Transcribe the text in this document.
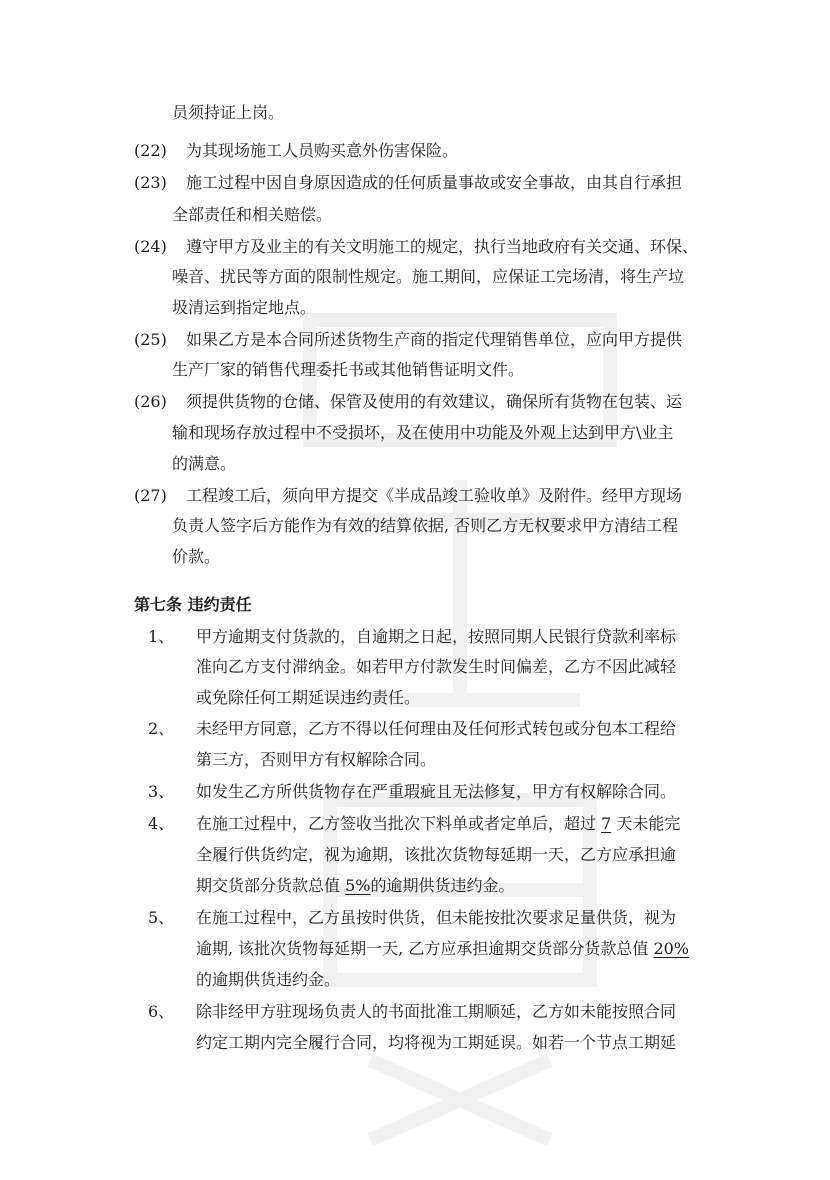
员须持证上岗。
(22) 为其现场施工人员购买意外伤害保险。
(23) 施工过程中因自身原因造成的任何质量事故或安全事故，由其自行承担
全部责任和相关赔偿。
(24) 遵守甲方及业主的有关文明施工的规定，执行当地政府有关交通、环保、
噪音、扰民等方面的限制性规定。施工期间，应保证工完场清，将生产垃
圾清运到指定地点。
(25) 如果乙方是本合同所述货物生产商的指定代理销售单位，应向甲方提供
生产厂家的销售代理委托书或其他销售证明文件。
(26) 须提供货物的仓储、保管及使用的有效建议，确保所有货物在包装、运
输和现场存放过程中不受损坏，及在使用中功能及外观上达到甲方\业主
的满意。
(27) 工程竣工后，须向甲方提交《半成品竣工验收单》及附件。经甲方现场
负责人签字后方能作为有效的结算依据, 否则乙方无权要求甲方清结工程
价款。
第七条 违约责任
1、 甲方逾期支付货款的，自逾期之日起，按照同期人民银行贷款利率标
准向乙方支付滞纳金。如若甲方付款发生时间偏差，乙方不因此减轻
或免除任何工期延误违约责任。
2、 未经甲方同意，乙方不得以任何理由及任何形式转包或分包本工程给
第三方，否则甲方有权解除合同。
3、 如发生乙方所供货物存在严重瑕疵且无法修复，甲方有权解除合同。
4、 在施工过程中，乙方签收当批次下料单或者定单后，超过 7 天未能完
全履行供货约定，视为逾期，该批次货物每延期一天，乙方应承担逾
期交货部分货款总值 5%的逾期供货违约金。
5、 在施工过程中，乙方虽按时供货，但未能按批次要求足量供货，视为
逾期, 该批次货物每延期一天, 乙方应承担逾期交货部分货款总值 20%
的逾期供货违约金。
6、 除非经甲方驻现场负责人的书面批准工期顺延，乙方如未能按照合同
约定工期内完全履行合同，均将视为工期延误。如若一个节点工期延
